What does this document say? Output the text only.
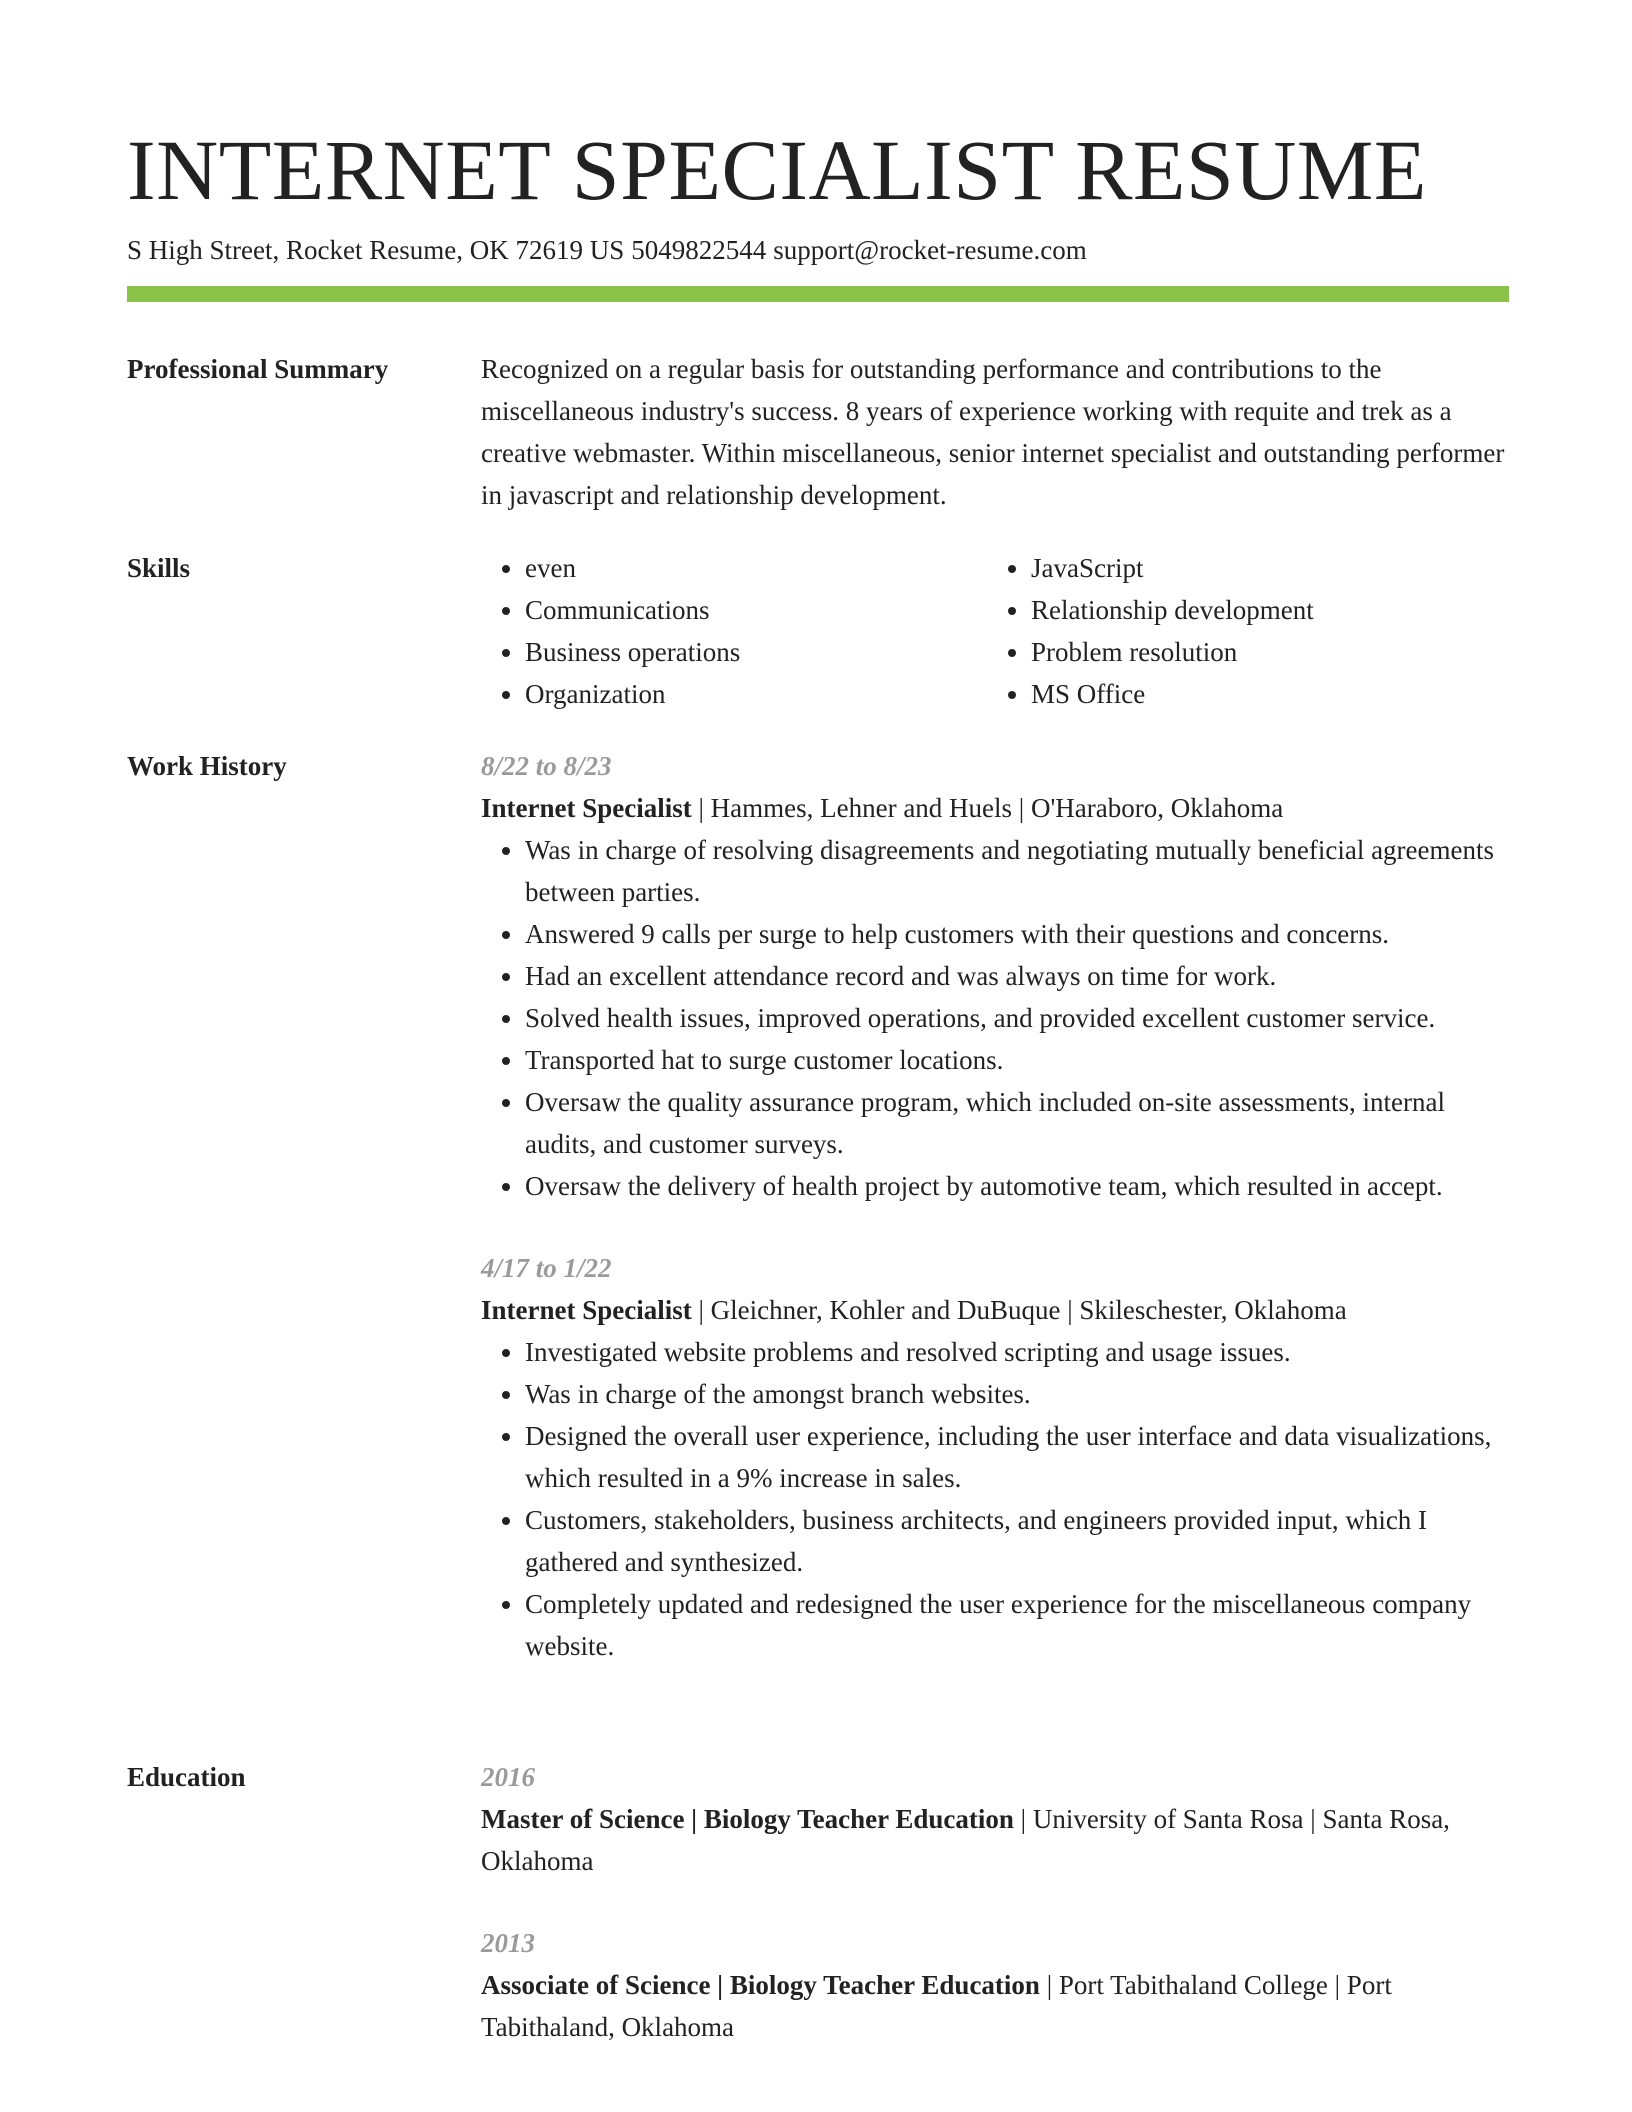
INTERNET SPECIALIST RESUME
S High Street, Rocket Resume, OK 72619 US 5049822544 support@rocket-resume.com
Professional Summary	Recognized on a regular basis for outstanding performance and contributions to the miscellaneous industry's success. 8 years of experience working with requite and trek as a creative webmaster. Within miscellaneous, senior internet specialist and outstanding performer in javascript and relationship development.

Skills
•	even
• Communications
• Business operations
• Organization
• JavaScript
• Relationship development
• Problem resolution
• MS Office
Work History	8/22 to 8/23
Internet Specialist | Hammes, Lehner and Huels | O'Haraboro, Oklahoma
• Was in charge of resolving disagreements and negotiating mutually beneficial agreements between parties.
• Answered 9 calls per surge to help customers with their questions and concerns.
• Had an excellent attendance record and was always on time for work.
• Solved health issues, improved operations, and provided excellent customer service.
• Transported hat to surge customer locations.
• Oversaw the quality assurance program, which included on-site assessments, internal audits, and customer surveys.
• Oversaw the delivery of health project by automotive team, which resulted in accept.
4/17 to 1/22
Internet Specialist | Gleichner, Kohler and DuBuque | Skileschester, Oklahoma
• Investigated website problems and resolved scripting and usage issues.
• Was in charge of the amongst branch websites.
• Designed the overall user experience, including the user interface and data visualizations, which resulted in a 9% increase in sales.
• Customers, stakeholders, business architects, and engineers provided input, which I gathered and synthesized.
• Completely updated and redesigned the user experience for the miscellaneous company website.
Education	2016
Master of Science | Biology Teacher Education | University of Santa Rosa | Santa Rosa, Oklahoma
2013
Associate of Science | Biology Teacher Education | Port Tabithaland College | Port Tabithaland, Oklahoma
